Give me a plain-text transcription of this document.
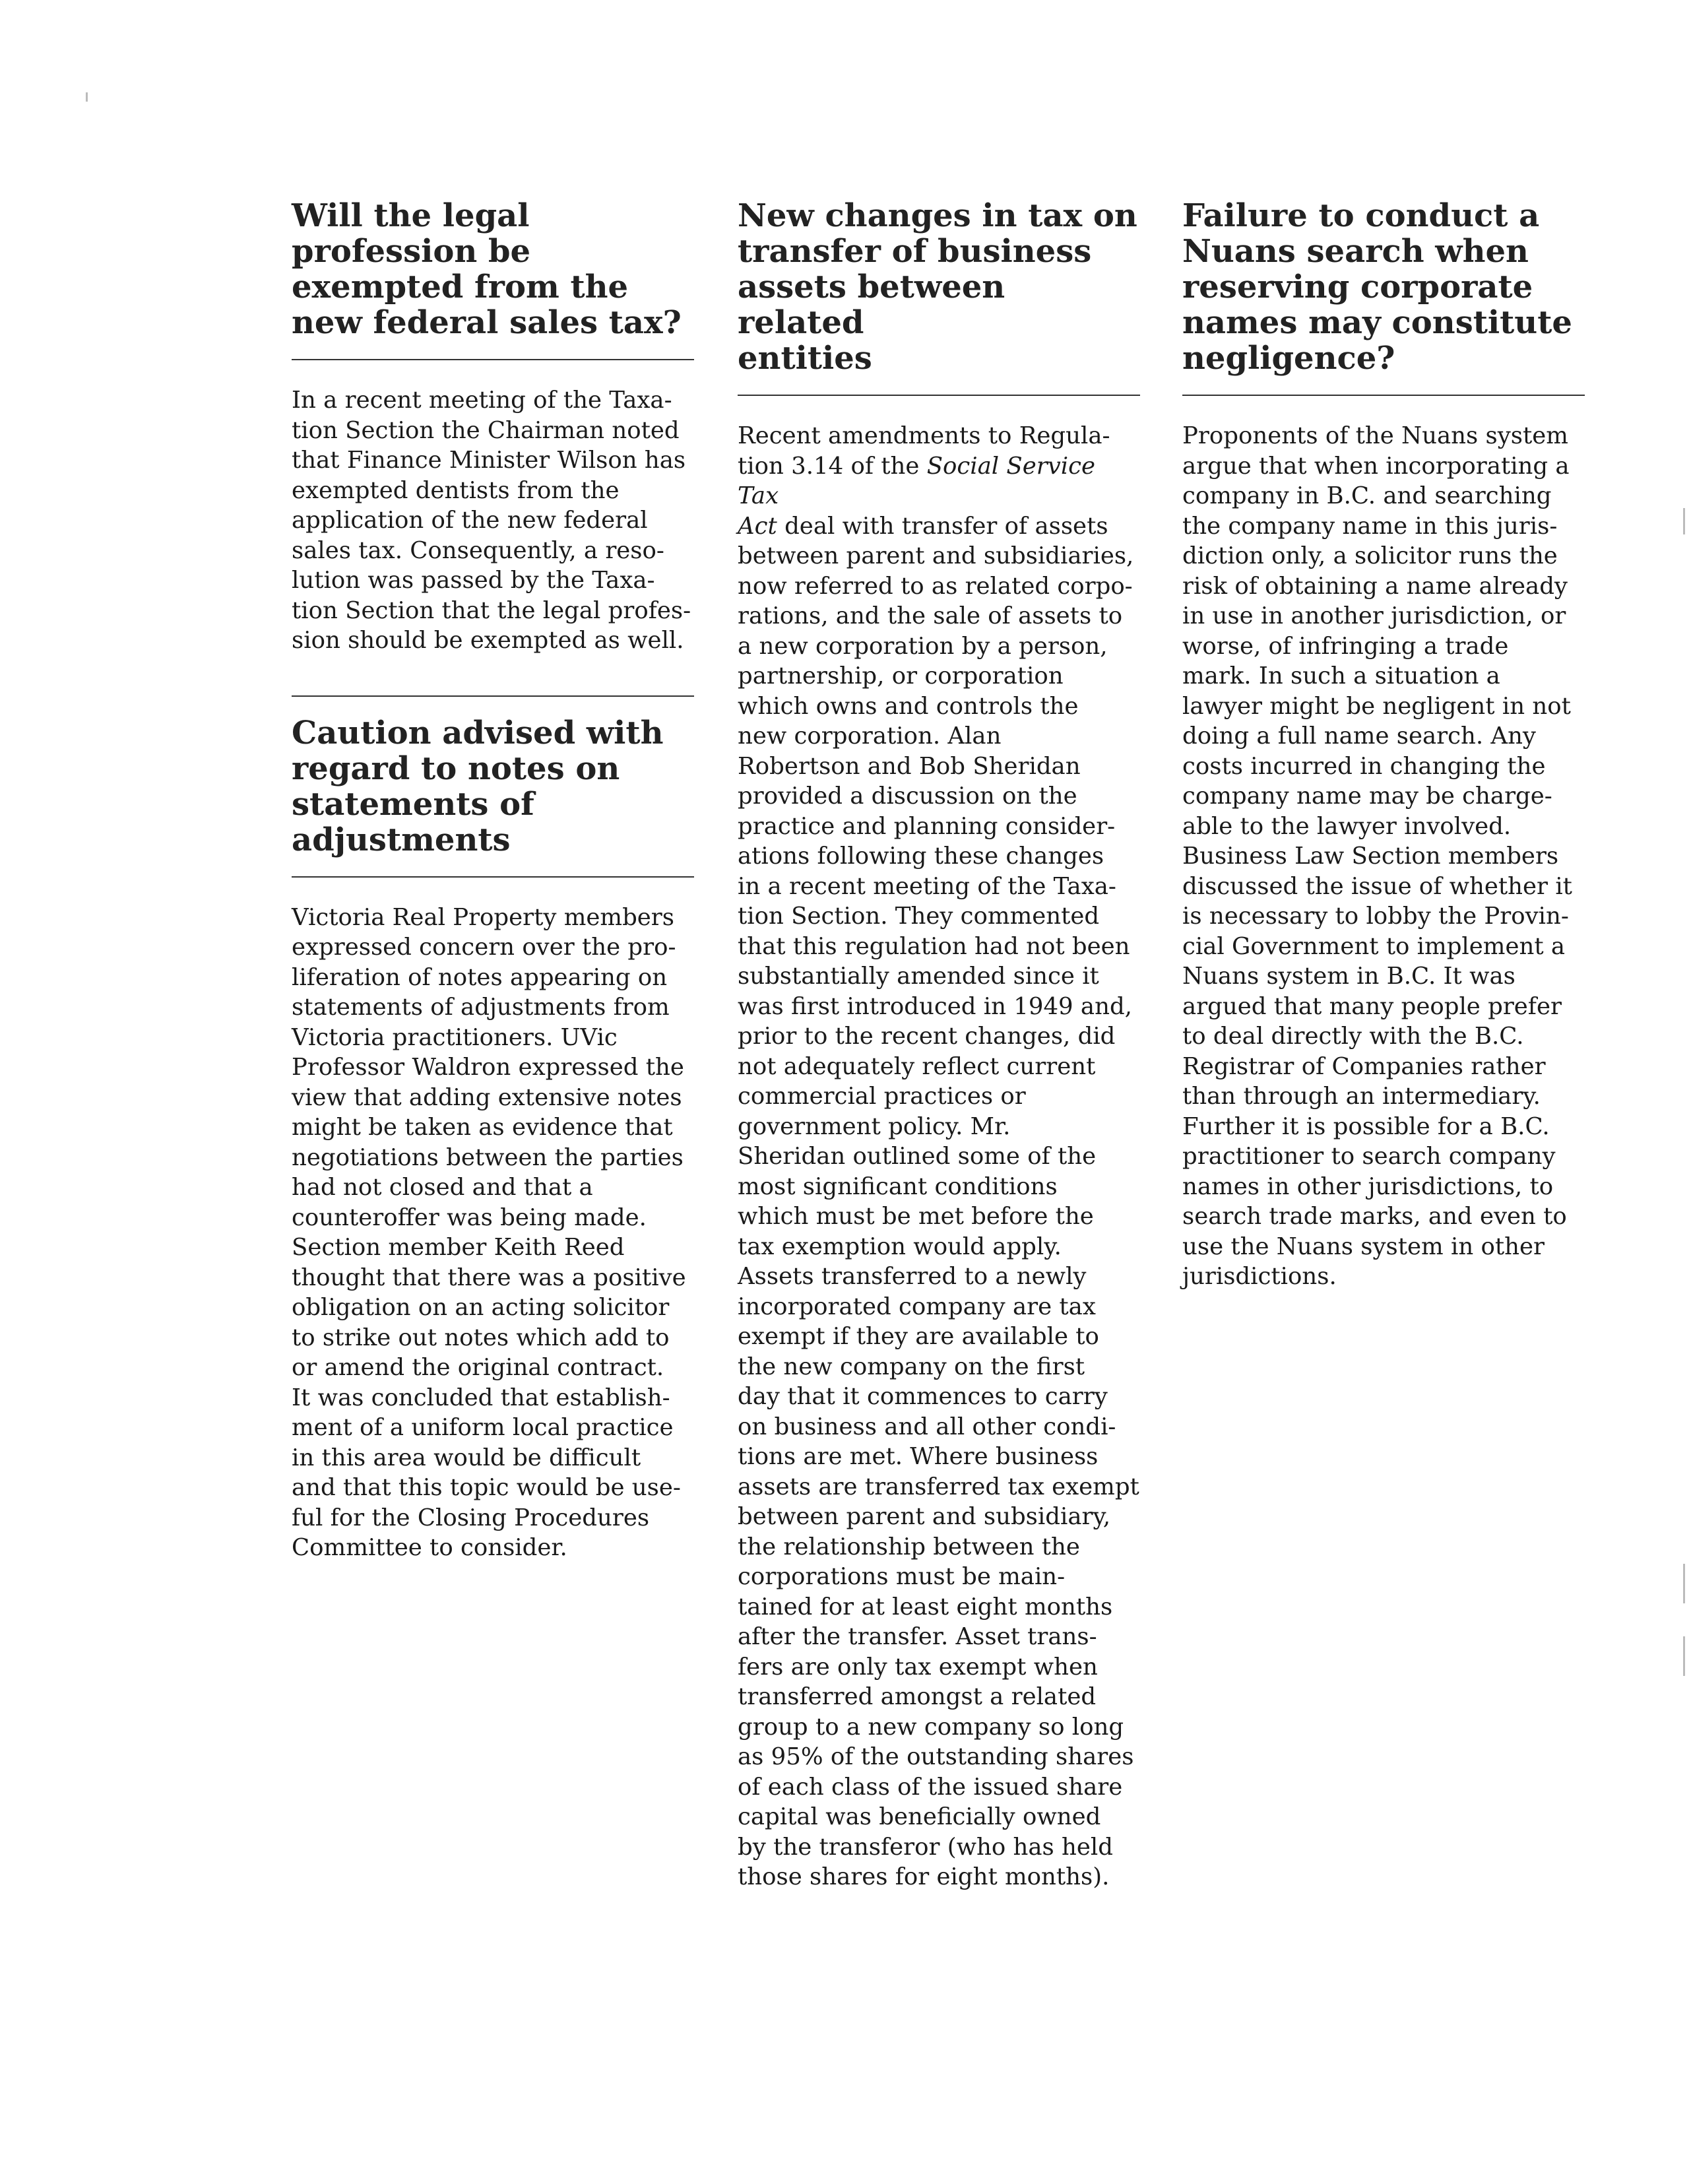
Will the legal
profession be
exempted from the
new federal sales tax?

In a recent meeting of the Taxa-
tion Section the Chairman noted
that Finance Minister Wilson has
exempted dentists from the
application of the new federal
sales tax. Consequently, a reso-
lution was passed by the Taxa-
tion Section that the legal profes-
sion should be exempted as well.

Caution advised with
regard to notes on
statements of
adjustments

Victoria Real Property members
expressed concern over the pro-
liferation of notes appearing on
statements of adjustments from
Victoria practitioners. UVic
Professor Waldron expressed the
view that adding extensive notes
might be taken as evidence that
negotiations between the parties
had not closed and that a
counteroffer was being made.
Section member Keith Reed
thought that there was a positive
obligation on an acting solicitor
to strike out notes which add to
or amend the original contract.
It was concluded that establish-
ment of a uniform local practice
in this area would be difficult
and that this topic would be use-
ful for the Closing Procedures
Committee to consider.

New changes in tax on
transfer of business
assets between related
entities

Recent amendments to Regula-
tion 3.14 of the Social Service Tax
Act deal with transfer of assets
between parent and subsidiaries,
now referred to as related corpo-
rations, and the sale of assets to
a new corporation by a person,
partnership, or corporation
which owns and controls the
new corporation. Alan
Robertson and Bob Sheridan
provided a discussion on the
practice and planning consider-
ations following these changes
in a recent meeting of the Taxa-
tion Section. They commented
that this regulation had not been
substantially amended since it
was first introduced in 1949 and,
prior to the recent changes, did
not adequately reflect current
commercial practices or
government policy. Mr.
Sheridan outlined some of the
most significant conditions
which must be met before the
tax exemption would apply.
Assets transferred to a newly
incorporated company are tax
exempt if they are available to
the new company on the first
day that it commences to carry
on business and all other condi-
tions are met. Where business
assets are transferred tax exempt
between parent and subsidiary,
the relationship between the
corporations must be main-
tained for at least eight months
after the transfer. Asset trans-
fers are only tax exempt when
transferred amongst a related
group to a new company so long
as 95% of the outstanding shares
of each class of the issued share
capital was beneficially owned
by the transferor (who has held
those shares for eight months).

Failure to conduct a
Nuans search when
reserving corporate
names may constitute
negligence?

Proponents of the Nuans system
argue that when incorporating a
company in B.C. and searching
the company name in this juris-
diction only, a solicitor runs the
risk of obtaining a name already
in use in another jurisdiction, or
worse, of infringing a trade
mark. In such a situation a
lawyer might be negligent in not
doing a full name search. Any
costs incurred in changing the
company name may be charge-
able to the lawyer involved.
Business Law Section members
discussed the issue of whether it
is necessary to lobby the Provin-
cial Government to implement a
Nuans system in B.C. It was
argued that many people prefer
to deal directly with the B.C.
Registrar of Companies rather
than through an intermediary.
Further it is possible for a B.C.
practitioner to search company
names in other jurisdictions, to
search trade marks, and even to
use the Nuans system in other
jurisdictions.
